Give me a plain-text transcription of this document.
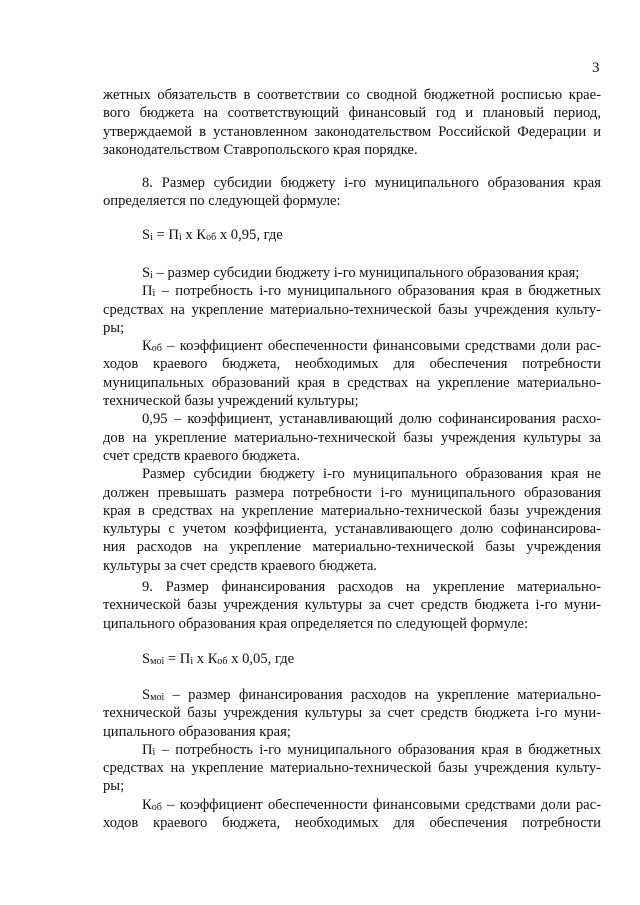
3
жетных обязательств в соответствии со сводной бюджетной росписью крае-
вого бюджета на соответствующий финансовый год и плановый период,
утверждаемой в установленном законодательством Российской Федерации и
законодательством Ставропольского края порядке.
8. Размер субсидии бюджету i-го муниципального образования края
определяется по следующей формуле:
$S_i = П_i$ х $К_{об}$ х 0,95, где
$S_i$ – размер субсидии бюджету i-го муниципального образования края;
$П_i$ – потребность i-го муниципального образования края в бюджетных
средствах на укрепление материально-технической базы учреждения культу-
ры;
$К_{об}$ – коэффициент обеспеченности финансовыми средствами доли рас-
ходов краевого бюджета, необходимых для обеспечения потребности
муниципальных образований края в средствах на укрепление материально-
технической базы учреждений культуры;
0,95 – коэффициент, устанавливающий долю софинансирования расхо-
дов на укрепление материально-технической базы учреждения культуры за
счет средств краевого бюджета.
Размер субсидии бюджету i-го муниципального образования края не
должен превышать размера потребности i-го муниципального образования
края в средствах на укрепление материально-технической базы учреждения
культуры с учетом коэффициента, устанавливающего долю софинансирова-
ния расходов на укрепление материально-технической базы учреждения
культуры за счет средств краевого бюджета.
9. Размер финансирования расходов на укрепление материально-
технической базы учреждения культуры за счет средств бюджета i-го муни-
ципального образования края определяется по следующей формуле:
$S_{моi} = П_i$ х $К_{об}$ х 0,05, где
$S_{моi}$ – размер финансирования расходов на укрепление материально-
технической базы учреждения культуры за счет средств бюджета i-го муни-
ципального образования края;
$П_i$ – потребность i-го муниципального образования края в бюджетных
средствах на укрепление материально-технической базы учреждения культу-
ры;
$К_{об}$ – коэффициент обеспеченности финансовыми средствами доли рас-
ходов краевого бюджета, необходимых для обеспечения потребности
